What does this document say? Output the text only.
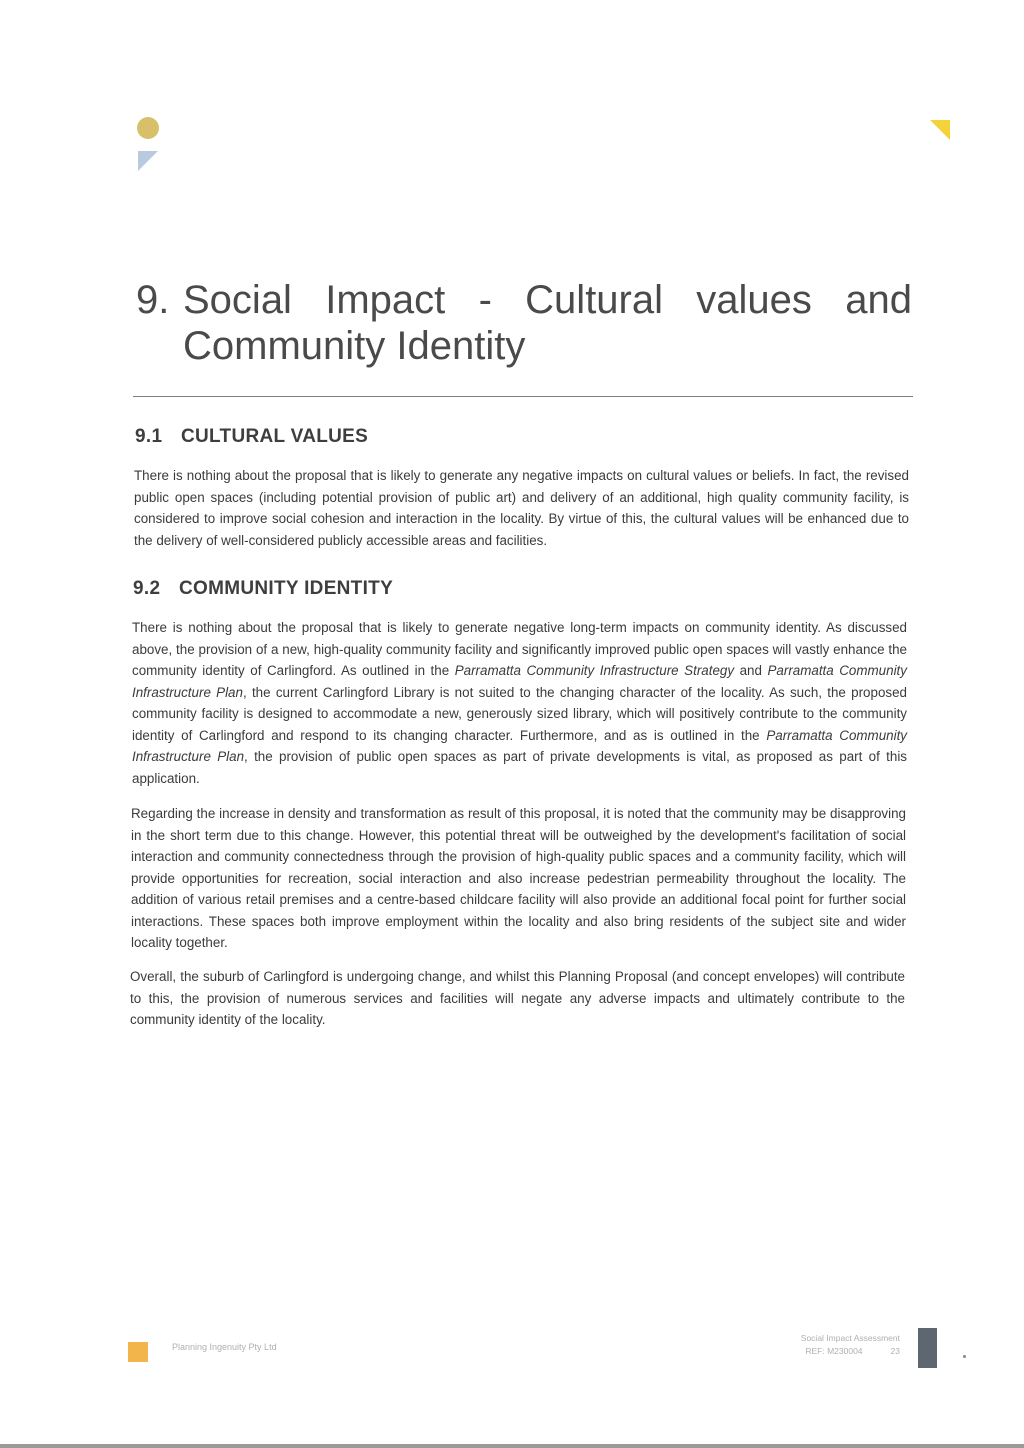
9. Social Impact - Cultural values and
Community Identity
9.1 CULTURAL VALUES

There is nothing about the proposal that is likely to generate any negative impacts on cultural values or beliefs. In fact, the revised public open spaces (including potential provision of public art) and delivery of an additional, high quality community facility, is considered to improve social cohesion and interaction in the locality. By virtue of this, the cultural values will be enhanced due to the delivery of well-considered publicly accessible areas and facilities.

9.2 COMMUNITY IDENTITY

There is nothing about the proposal that is likely to generate negative long-term impacts on community identity. As discussed above, the provision of a new, high-quality community facility and significantly improved public open spaces will vastly enhance the community identity of Carlingford. As outlined in the Parramatta Community Infrastructure Strategy and Parramatta Community Infrastructure Plan, the current Carlingford Library is not suited to the changing character of the locality. As such, the proposed community facility is designed to accommodate a new, generously sized library, which will positively contribute to the community identity of Carlingford and respond to its changing character. Furthermore, and as is outlined in the Parramatta Community Infrastructure Plan, the provision of public open spaces as part of private developments is vital, as proposed as part of this application.

Regarding the increase in density and transformation as result of this proposal, it is noted that the community may be disapproving in the short term due to this change. However, this potential threat will be outweighed by the development's facilitation of social interaction and community connectedness through the provision of high-quality public spaces and a community facility, which will provide opportunities for recreation, social interaction and also increase pedestrian permeability throughout the locality. The addition of various retail premises and a centre-based childcare facility will also provide an additional focal point for further social interactions. These spaces both improve employment within the locality and also bring residents of the subject site and wider locality together.

Overall, the suburb of Carlingford is undergoing change, and whilst this Planning Proposal (and concept envelopes) will contribute to this, the provision of numerous services and facilities will negate any adverse impacts and ultimately contribute to the community identity of the locality.

Planning Ingenuity Pty Ltd
Social Impact Assessment
REF: M230004	23
